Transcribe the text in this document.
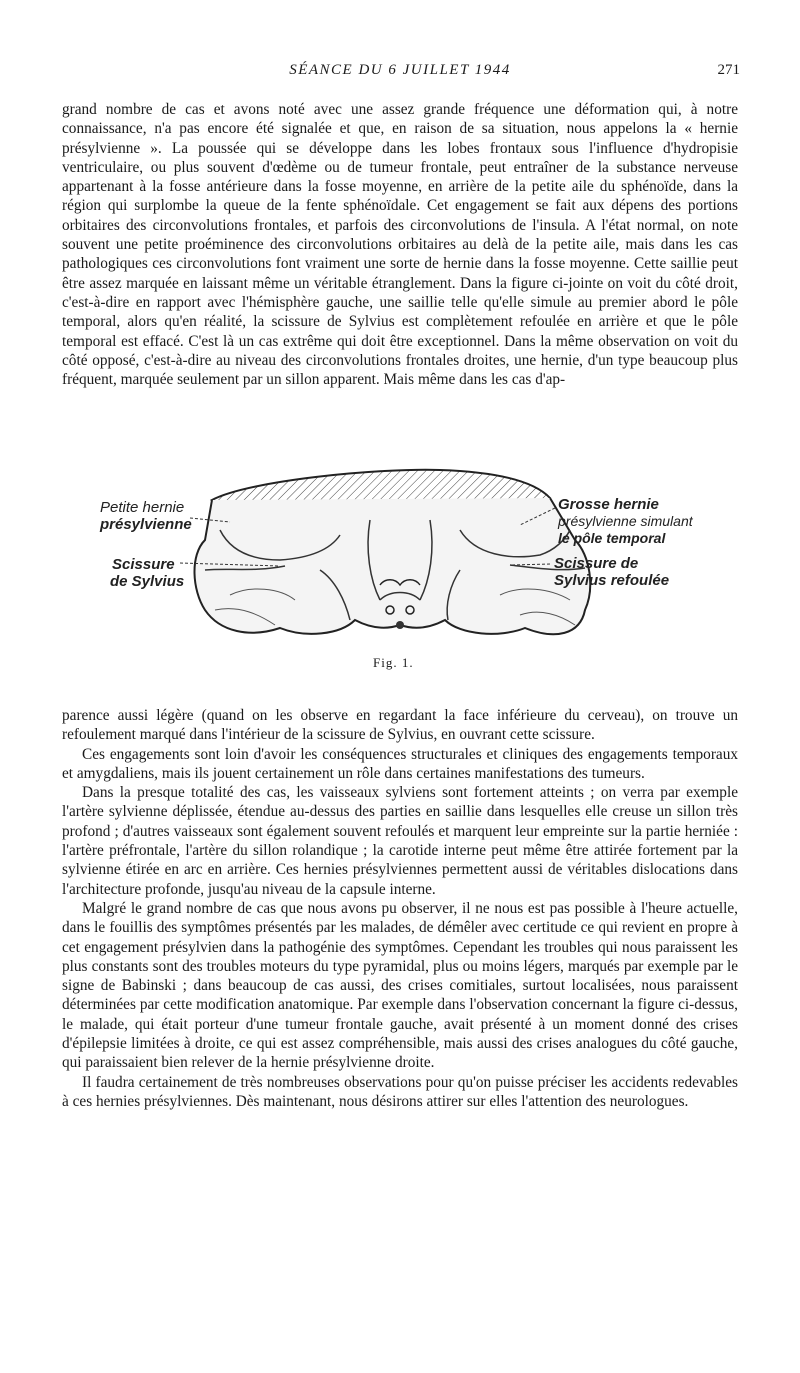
SÉANCE DU 6 JUILLET 1944	271

grand nombre de cas et avons noté avec une assez grande fréquence une déformation qui, à notre connaissance, n'a pas encore été signalée et que, en raison de sa situation, nous appelons la « hernie présylvienne ». La poussée qui se développe dans les lobes frontaux sous l'influence d'hydropisie ventriculaire, ou plus souvent d'œdème ou de tumeur frontale, peut entraîner de la substance nerveuse appartenant à la fosse antérieure dans la fosse moyenne, en arrière de la petite aile du sphénoïde, dans la région qui surplombe la queue de la fente sphénoïdale. Cet engagement se fait aux dépens des portions orbitaires des circonvolutions frontales, et parfois des circonvolutions de l'insula. A l'état normal, on note souvent une petite proéminence des circonvolutions orbitaires au delà de la petite aile, mais dans les cas pathologiques ces circonvolutions font vraiment une sorte de hernie dans la fosse moyenne. Cette saillie peut être assez marquée en laissant même un véritable étranglement. Dans la figure ci-jointe on voit du côté droit, c'est-à-dire en rapport avec l'hémisphère gauche, une saillie telle qu'elle simule au premier abord le pôle temporal, alors qu'en réalité, la scissure de Sylvius est complètement refoulée en arrière et que le pôle temporal est effacé. C'est là un cas extrême qui doit être exceptionnel. Dans la même observation on voit du côté opposé, c'est-à-dire au niveau des circonvolutions frontales droites, une hernie, d'un type beaucoup plus fréquent, marquée seulement par un sillon apparent. Mais même dans les cas d'ap-

Petite hernie
présylvienne
Scissure
de Sylvius
Grosse hernie
présylvienne simulant
le pôle temporal
Scissure de
Sylvius refoulée
Fig. 1.

parence aussi légère (quand on les observe en regardant la face inférieure du cerveau), on trouve un refoulement marqué dans l'intérieur de la scissure de Sylvius, en ouvrant cette scissure.

Ces engagements sont loin d'avoir les conséquences structurales et cliniques des engagements temporaux et amygdaliens, mais ils jouent certainement un rôle dans certaines manifestations des tumeurs.

Dans la presque totalité des cas, les vaisseaux sylviens sont fortement atteints ; on verra par exemple l'artère sylvienne déplissée, étendue au-dessus des parties en saillie dans lesquelles elle creuse un sillon très profond ; d'autres vaisseaux sont également souvent refoulés et marquent leur empreinte sur la partie herniée : l'artère préfrontale, l'artère du sillon rolandique ; la carotide interne peut même être attirée fortement par la sylvienne étirée en arc en arrière. Ces hernies présylviennes permettent aussi de véritables dislocations dans l'architecture profonde, jusqu'au niveau de la capsule interne.

Malgré le grand nombre de cas que nous avons pu observer, il ne nous est pas possible à l'heure actuelle, dans le fouillis des symptômes présentés par les malades, de démêler avec certitude ce qui revient en propre à cet engagement présylvien dans la pathogénie des symptômes. Cependant les troubles qui nous paraissent les plus constants sont des troubles moteurs du type pyramidal, plus ou moins légers, marqués par exemple par le signe de Babinski ; dans beaucoup de cas aussi, des crises comitiales, surtout localisées, nous paraissent déterminées par cette modification anatomique. Par exemple dans l'observation concernant la figure ci-dessus, le malade, qui était porteur d'une tumeur frontale gauche, avait présenté à un moment donné des crises d'épilepsie limitées à droite, ce qui est assez compréhensible, mais aussi des crises analogues du côté gauche, qui paraissaient bien relever de la hernie présylvienne droite.

Il faudra certainement de très nombreuses observations pour qu'on puisse préciser les accidents redevables à ces hernies présylviennes. Dès maintenant, nous désirons attirer sur elles l'attention des neurologues.
